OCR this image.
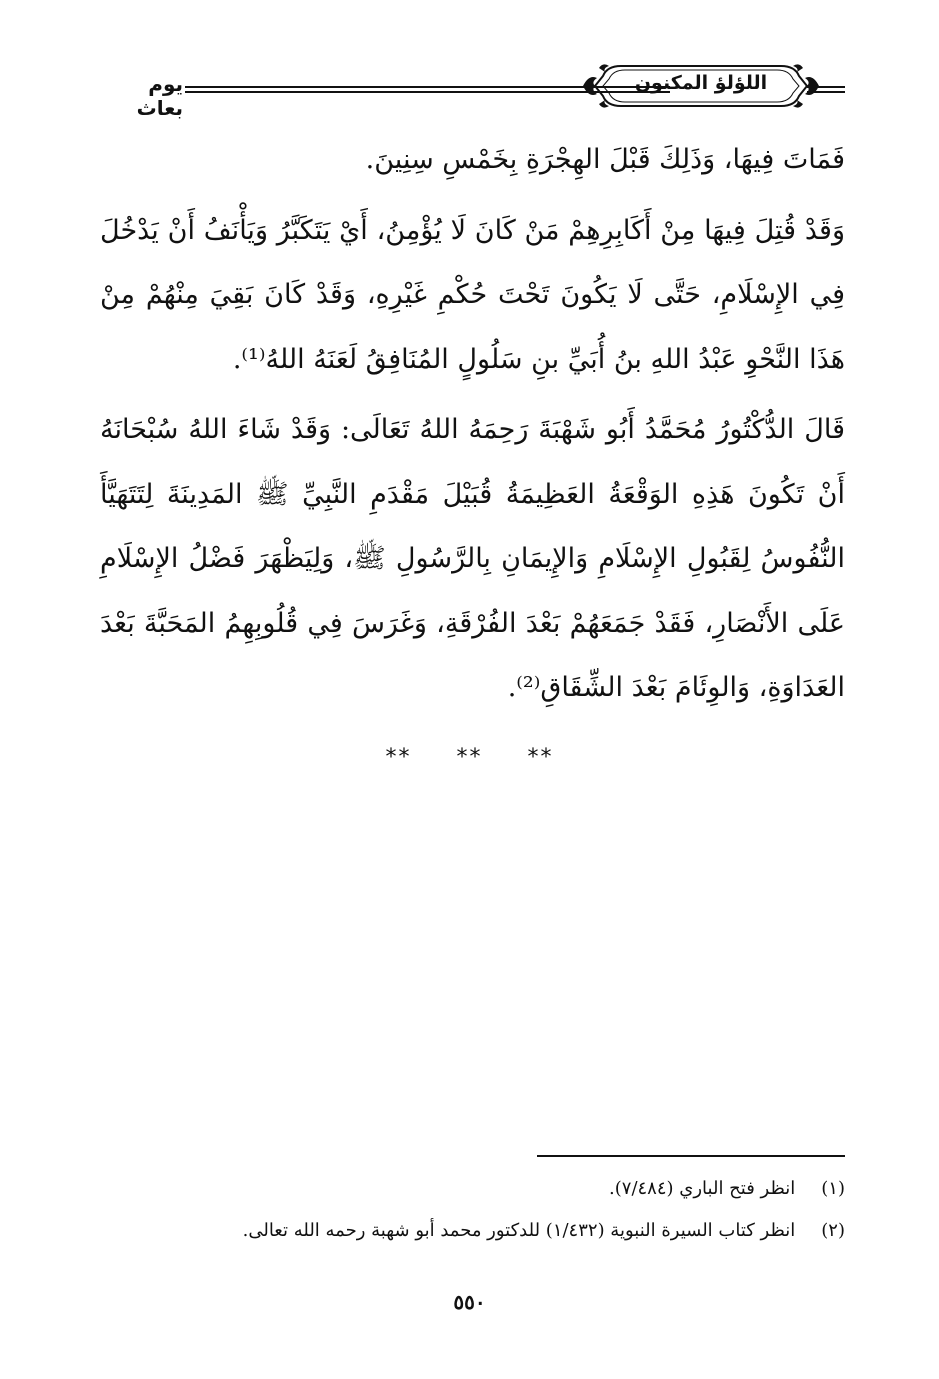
يوم بعاث
اللؤلؤ المكنون

فَمَاتَ فِيهَا، وَذَلِكَ قَبْلَ الهِجْرَةِ بِخَمْسِ سِنِينَ.

وَقَدْ قُتِلَ فِيهَا مِنْ أَكَابِرِهِمْ مَنْ كَانَ لَا يُؤْمِنُ، أَيْ يَتَكَبَّرُ وَيَأْنَفُ أَنْ يَدْخُلَ فِي الإِسْلَامِ، حَتَّى لَا يَكُونَ تَحْتَ حُكْمِ غَيْرِهِ، وَقَدْ كَانَ بَقِيَ مِنْهُمْ مِنْ هَذَا النَّحْوِ عَبْدُ اللهِ بنُ أُبَيِّ بنِ سَلُولٍ المُنَافِقُ لَعَنَهُ اللهُ⁽¹⁾.

قَالَ الدُّكْتُورُ مُحَمَّدُ أَبُو شَهْبَةَ رَحِمَهُ اللهُ تَعَالَى: وَقَدْ شَاءَ اللهُ سُبْحَانَهُ أَنْ تَكُونَ هَذِهِ الوَقْعَةُ العَظِيمَةُ قُبَيْلَ مَقْدَمِ النَّبِيِّ ﷺ المَدِينَةَ لِتَتَهَيَّأَ النُّفُوسُ لِقَبُولِ الإِسْلَامِ وَالإِيمَانِ بِالرَّسُولِ ﷺ، وَلِيَظْهَرَ فَضْلُ الإِسْلَامِ عَلَى الأَنْصَارِ، فَقَدْ جَمَعَهُمْ بَعْدَ الفُرْقَةِ، وَغَرَسَ فِي قُلُوبِهِمُ المَحَبَّةَ بَعْدَ العَدَاوَةِ، وَالوِئَامَ بَعْدَ الشِّقَاقِ⁽²⁾.

** ** **

(١) انظر فتح الباري (٧/٤٨٤).

(٢) انظر كتاب السيرة النبوية (١/٤٣٢) للدكتور محمد أبو شهبة رحمه الله تعالى.

٥٥٠
